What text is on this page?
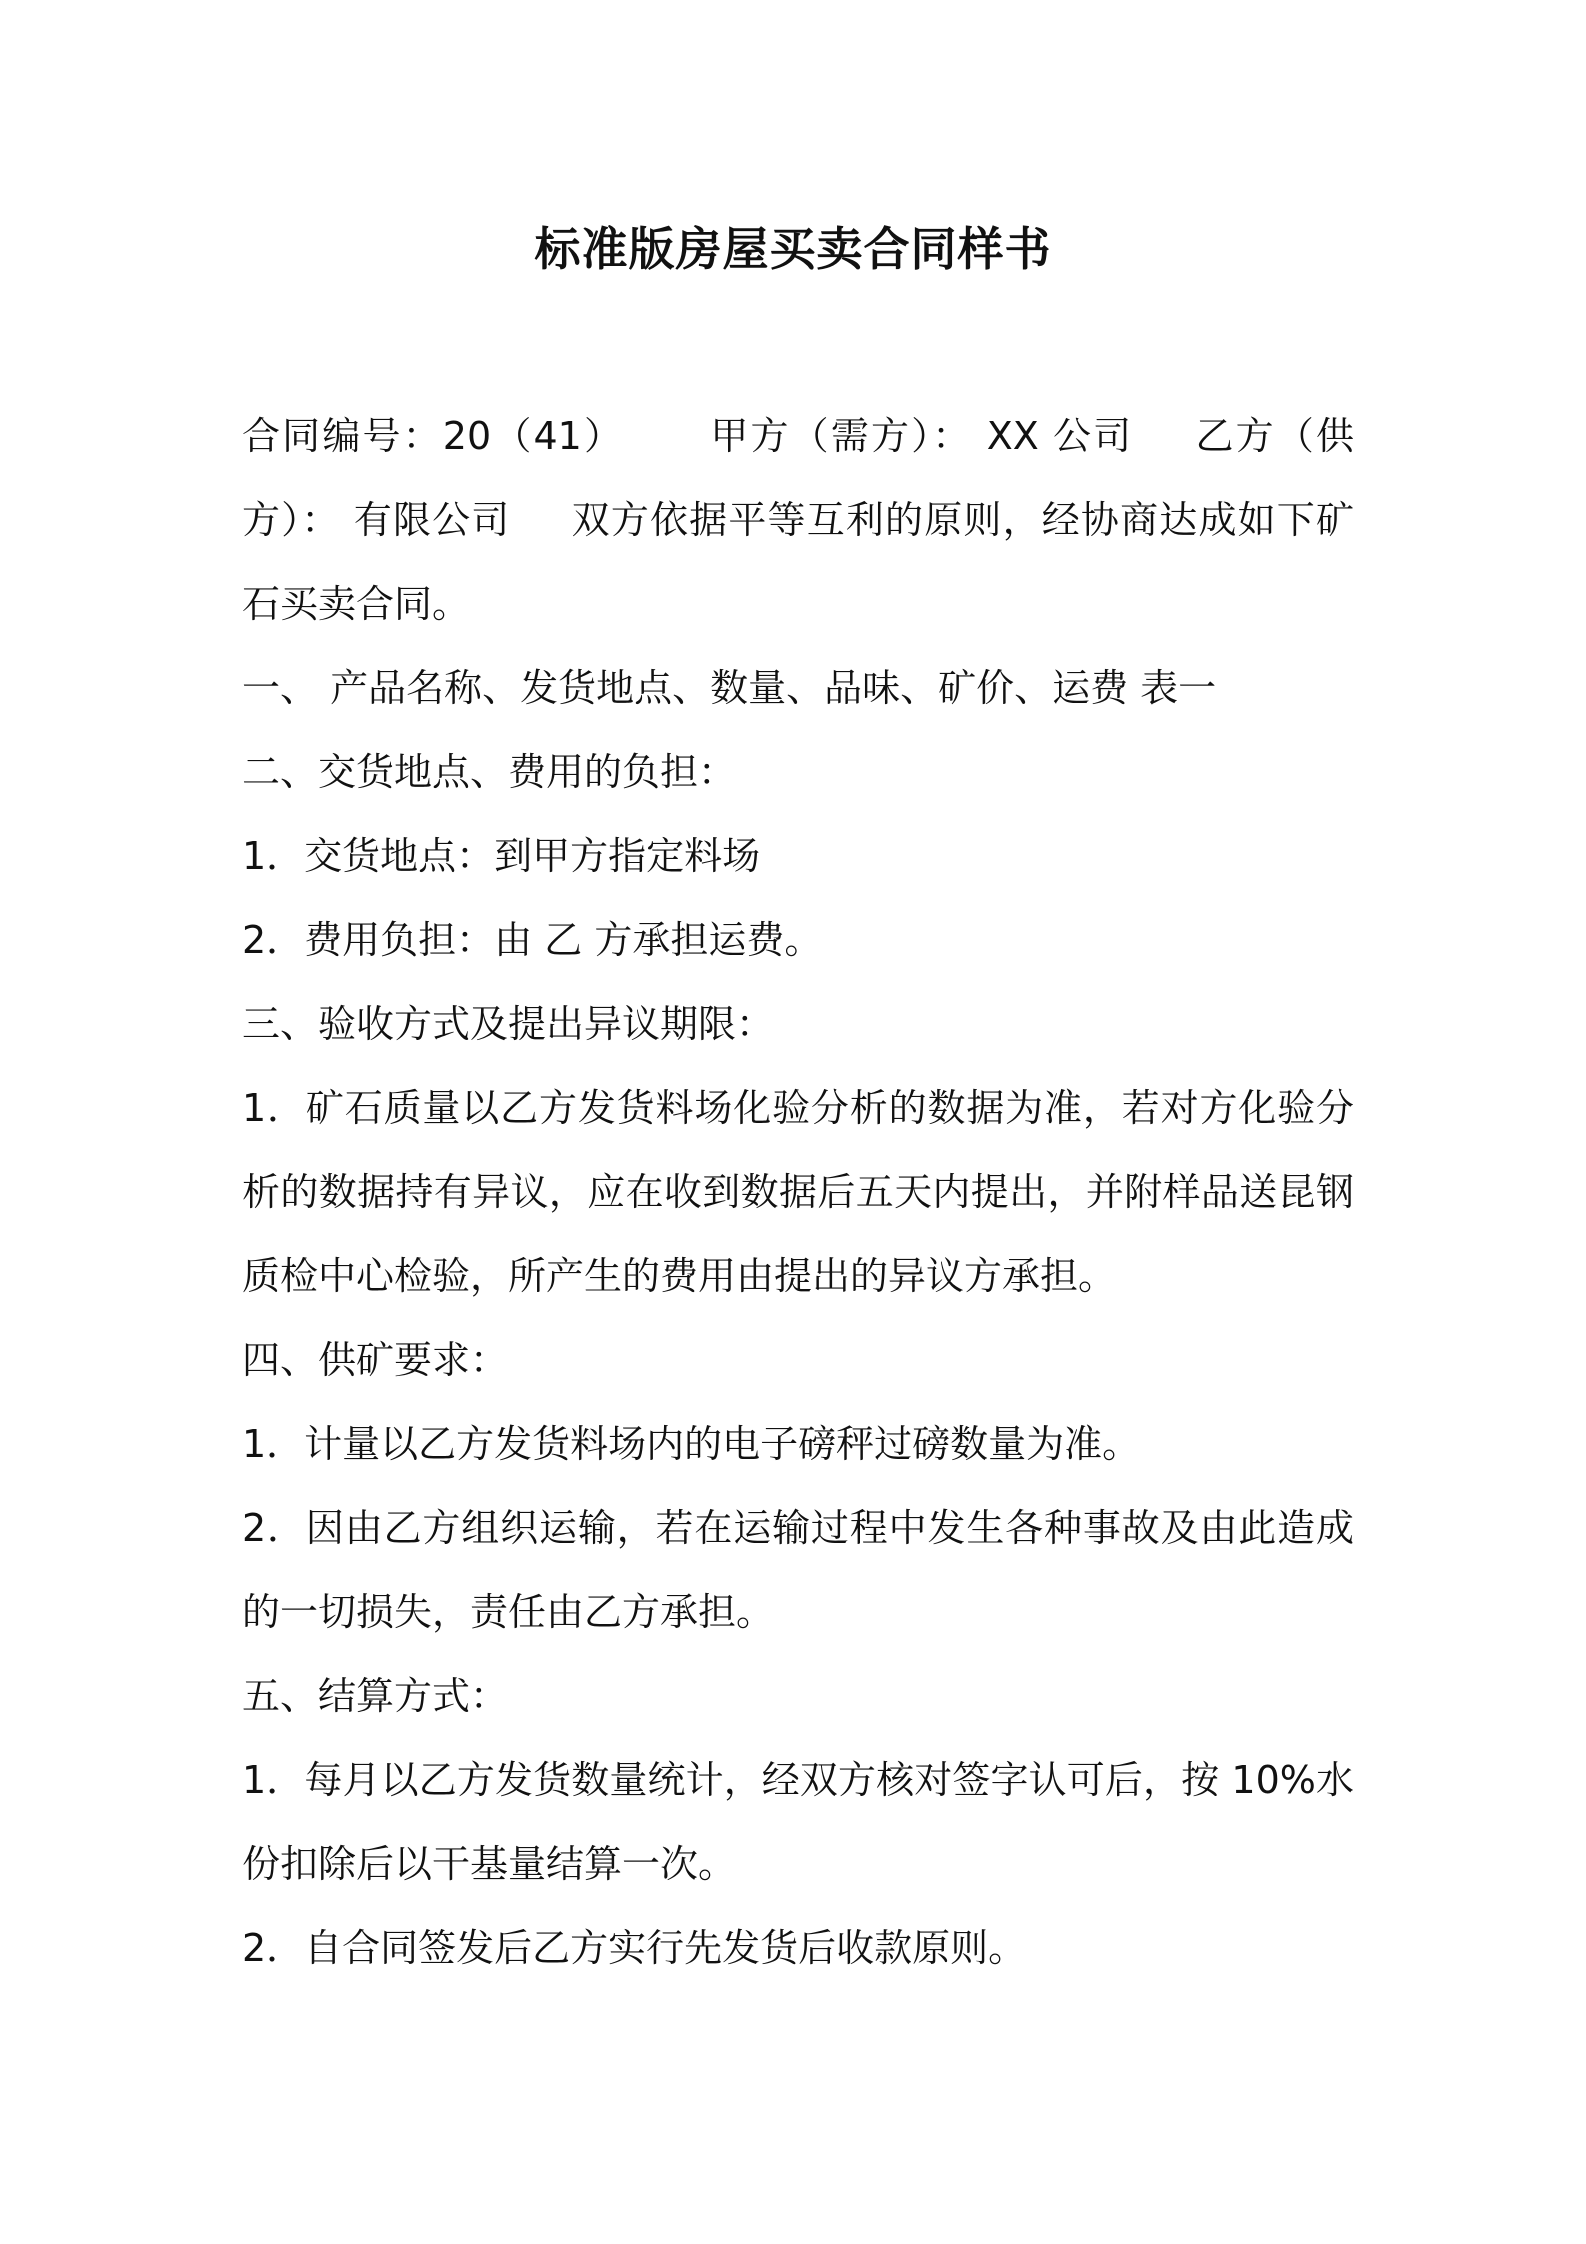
标准版房屋买卖合同样书

合同编号：20（41） 甲方（需方）： XX 公司 乙方（供方）： 有限公司 双方依据平等互利的原则，经协商达成如下矿石买卖合同。

一、 产品名称、发货地点、数量、品味、矿价、运费 表一

二、交货地点、费用的负担：

1．交货地点：到甲方指定料场

2．费用负担：由 乙 方承担运费。

三、验收方式及提出异议期限：

1．矿石质量以乙方发货料场化验分析的数据为准，若对方化验分析的数据持有异议，应在收到数据后五天内提出，并附样品送昆钢质检中心检验，所产生的费用由提出的异议方承担。

四、供矿要求：

1．计量以乙方发货料场内的电子磅秤过磅数量为准。

2．因由乙方组织运输，若在运输过程中发生各种事故及由此造成的一切损失，责任由乙方承担。

五、结算方式：

1．每月以乙方发货数量统计，经双方核对签字认可后，按 10%水份扣除后以干基量结算一次。

2．自合同签发后乙方实行先发货后收款原则。
